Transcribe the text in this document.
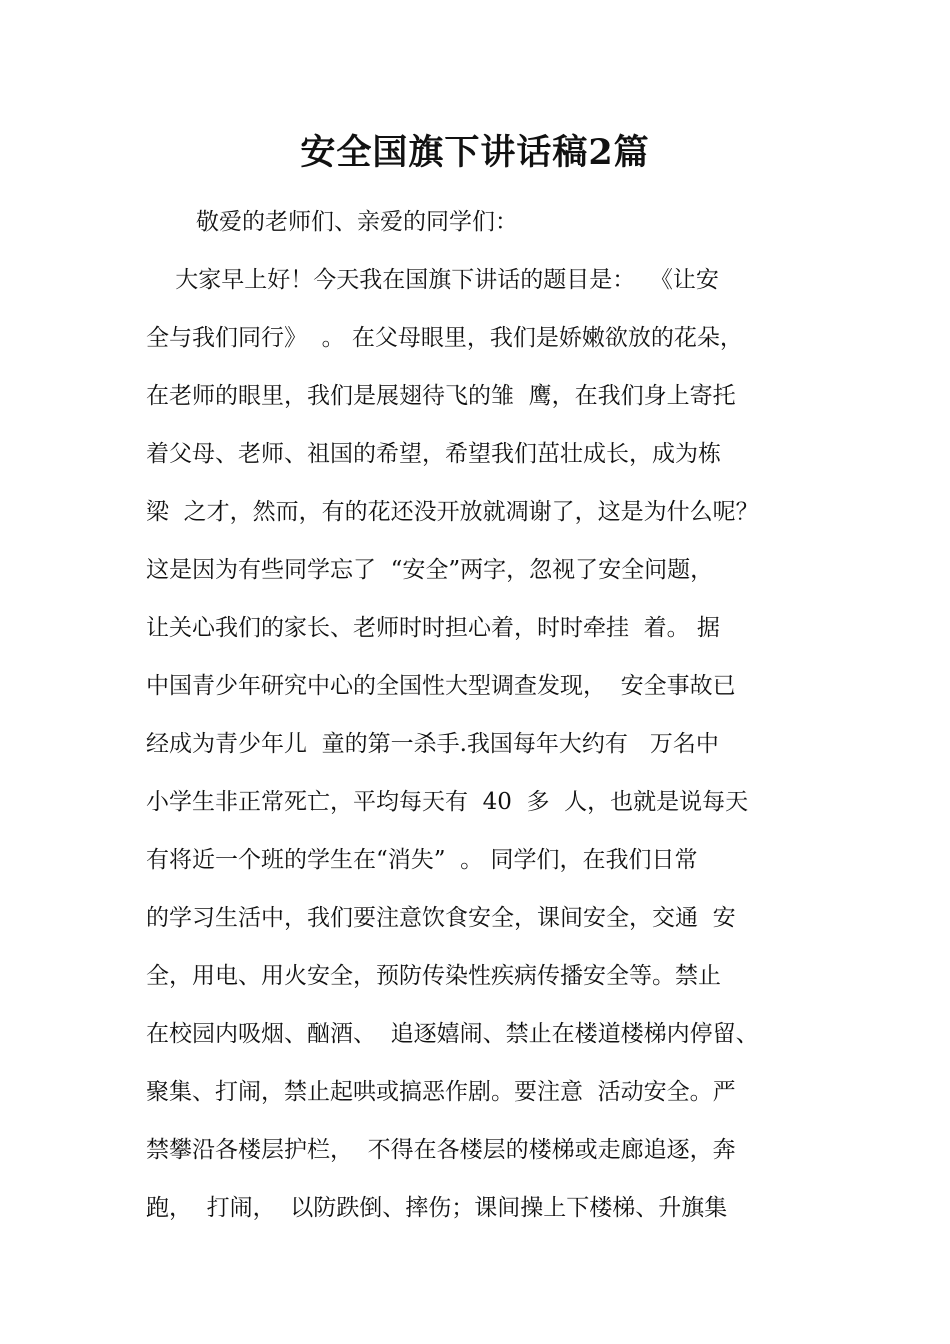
安全国旗下讲话稿2篇
敬爱的老师们、亲爱的同学们：
大家早上好！今天我在国旗下讲话的题目是：  《让安
全与我们同行》  。 在父母眼里，我们是娇嫩欲放的花朵，
在老师的眼里，我们是展翅待飞的雏  鹰，在我们身上寄托
着父母、老师、祖国的希望，希望我们茁壮成长，成为栋
梁  之才，然而，有的花还没开放就凋谢了，这是为什么呢？
这是因为有些同学忘了  “安全”两字，忽视了安全问题，
让关心我们的家长、老师时时担心着，时时牵挂  着。 据
中国青少年研究中心的全国性大型调查发现，  安全事故已
经成为青少年儿  童的第一杀手.我国每年大约有   万名中
小学生非正常死亡，平均每天有  40  多  人，也就是说每天
有将近一个班的学生在“消失”  。 同学们，在我们日常
的学习生活中，我们要注意饮食安全，课间安全，交通  安
全，用电、用火安全，预防传染性疾病传播安全等。禁止
在校园内吸烟、酗酒、  追逐嬉闹、禁止在楼道楼梯内停留、
聚集、打闹，禁止起哄或搞恶作剧。要注意  活动安全。严
禁攀沿各楼层护栏，  不得在各楼层的楼梯或走廊追逐，奔
跑，  打闹，  以防跌倒、摔伤；课间操上下楼梯、升旗集
